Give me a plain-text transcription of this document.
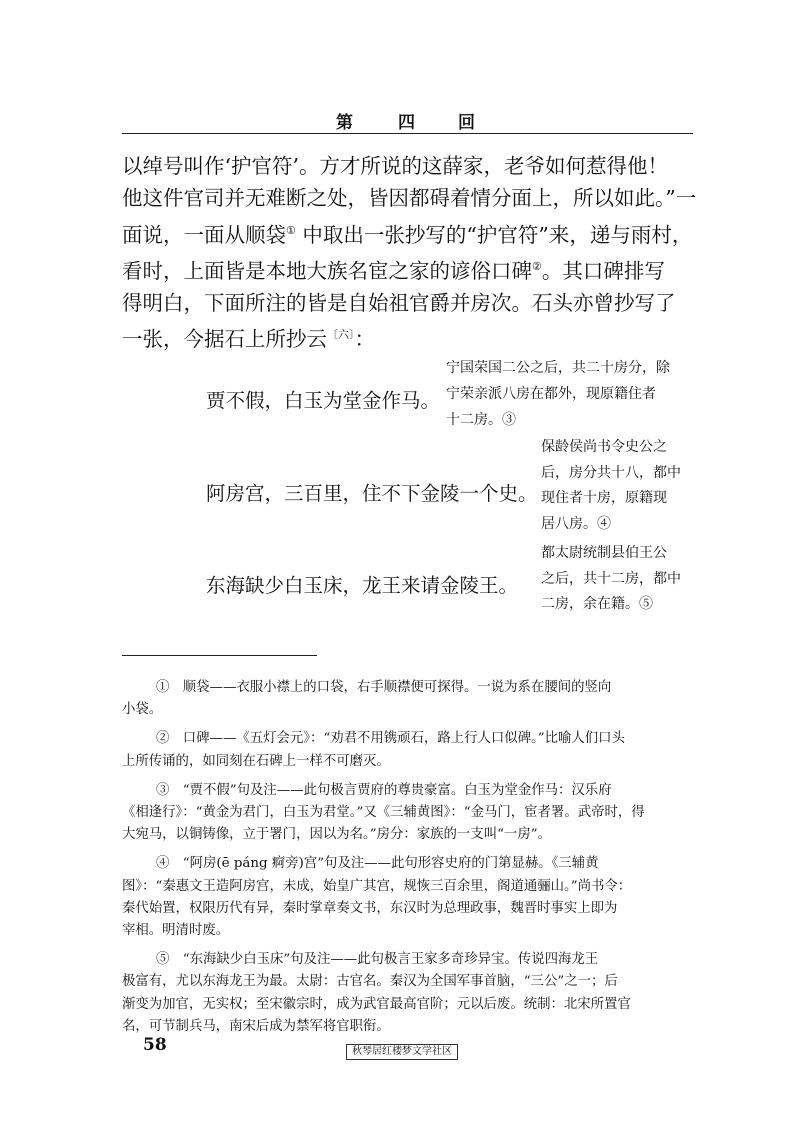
第	四 回
以绰号叫作‘护官符’。方才所说的这薛家，老爷如何惹得他！
他这件官司并无难断之处，皆因都碍着情分面上，所以如此。”一
面说，一面从顺袋① 中取出一张抄写的“护官符”来，递与雨村，
看时，上面皆是本地大族名宦之家的谚俗口碑②。其口碑排写
得明白，下面所注的皆是自始祖官爵并房次。石头亦曾抄写了
一张，今据石上所抄云$^{〔六〕}$：
贾不假，白玉为堂金作马。
宁国荣国二公之后，共二十房分，除
宁荣亲派八房在都外，现原籍住者
十二房。③
阿房宫，三百里，住不下金陵一个史。
保龄侯尚书令史公之
后，房分共十八，都中
现住者十房，原籍现
居八房。④
东海缺少白玉床，龙王来请金陵王。
都太尉统制县伯王公
之后，共十二房，都中
二房，余在籍。⑤
①　顺袋——衣服小襟上的口袋，右手顺襟便可探得。一说为系在腰间的竖向
小袋。
②　口碑——《五灯会元》：“劝君不用镌顽石，路上行人口似碑。”比喻人们口头
上所传诵的，如同刻在石碑上一样不可磨灭。
③　“贾不假”句及注——此句极言贾府的尊贵豪富。白玉为堂金作马：汉乐府
《相逢行》：“黄金为君门，白玉为君堂。”又《三辅黄图》：“金马门，宦者署。武帝时，得
大宛马，以铜铸像，立于署门，因以为名。”房分：家族的一支叫“一房”。
④　“阿房(ē páng 痾旁)宫”句及注——此句形容史府的门第显赫。《三辅黄
图》：“秦惠文王造阿房宫，未成，始皇广其宫，规恢三百余里，阁道通骊山。”尚书令：
秦代始置，权限历代有异，秦时掌章奏文书，东汉时为总理政事，魏晋时事实上即为
宰相。明清时废。
⑤　“东海缺少白玉床”句及注——此句极言王家多奇珍异宝。传说四海龙王
极富有，尤以东海龙王为最。太尉：古官名。秦汉为全国军事首脑，“三公”之一；后
渐变为加官，无实权；至宋徽宗时，成为武官最高官阶；元以后废。统制：北宋所置官
名，可节制兵马，南宋后成为禁军将官职衔。
58	秋琴居红楼梦文学社区
